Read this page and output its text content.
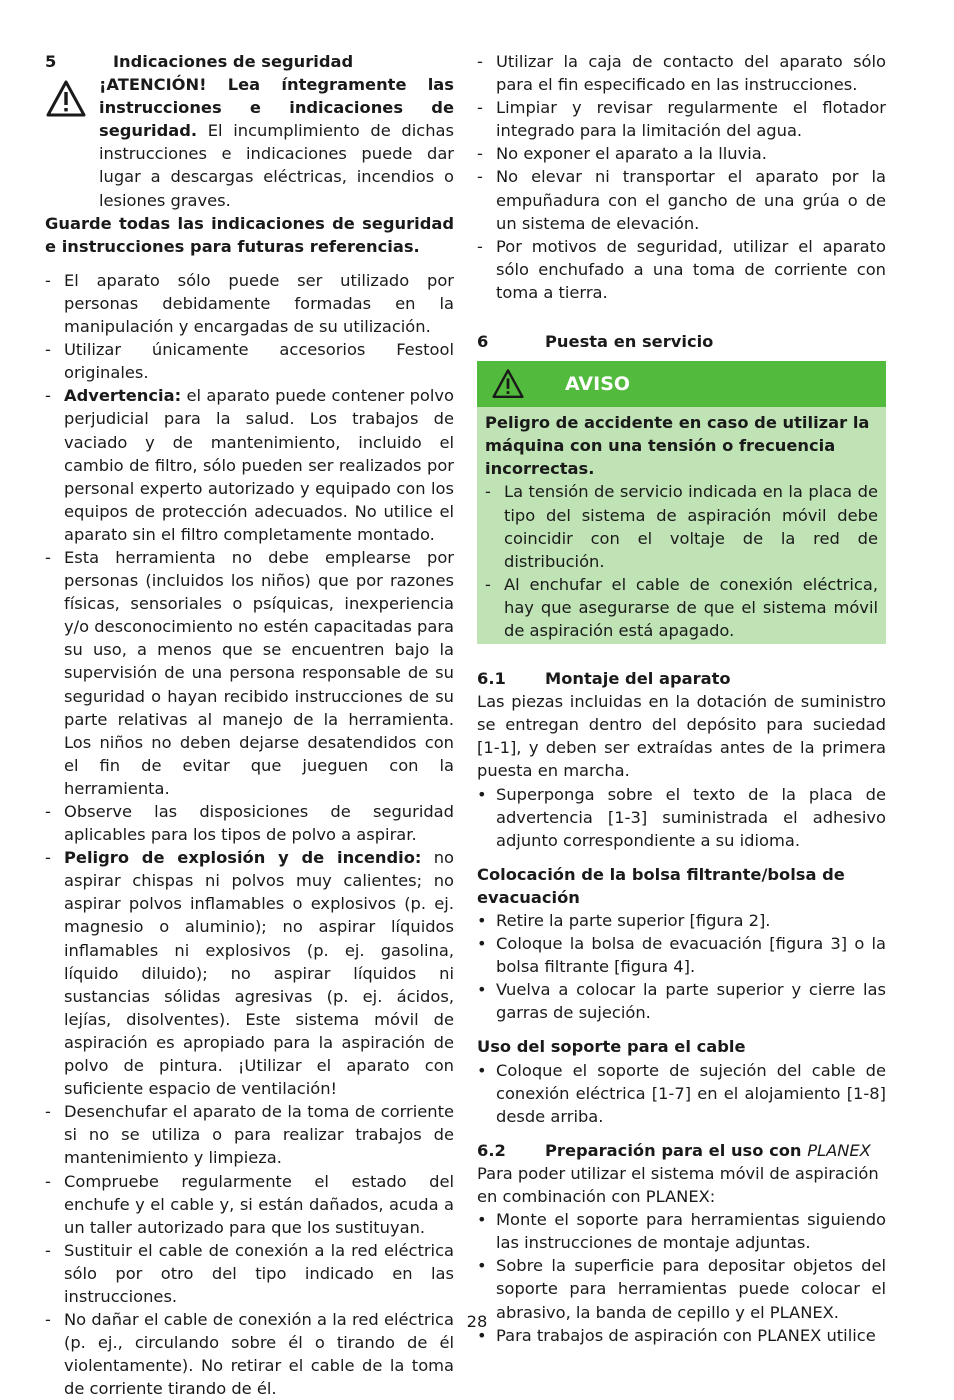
5	Indicaciones de seguridad

¡ATENCIÓN! Lea íntegramente las instrucciones e indicaciones de seguridad. El incumplimiento de dichas instrucciones e indicaciones puede dar lugar a descargas eléctricas, incendios o lesiones graves.

Guarde todas las indicaciones de seguridad e instrucciones para futuras referencias.

- El aparato sólo puede ser utilizado por personas debidamente formadas en la manipulación y encargadas de su utilización.
- Utilizar únicamente accesorios Festool originales.
- Advertencia: el aparato puede contener polvo perjudicial para la salud. Los trabajos de vaciado y de mantenimiento, incluido el cambio de filtro, sólo pueden ser realizados por personal experto autorizado y equipado con los equipos de protección adecuados. No utilice el aparato sin el filtro completamente montado.
- Esta herramienta no debe emplearse por personas (incluidos los niños) que por razones físicas, sensoriales o psíquicas, inexperiencia y/o desconocimiento no estén capacitadas para su uso, a menos que se encuentren bajo la supervisión de una persona responsable de su seguridad o hayan recibido instrucciones de su parte relativas al manejo de la herramienta. Los niños no deben dejarse desatendidos con el fin de evitar que jueguen con la herramienta.
- Observe las disposiciones de seguridad aplicables para los tipos de polvo a aspirar.
- Peligro de explosión y de incendio: no aspirar chispas ni polvos muy calientes; no aspirar polvos inflamables o explosivos (p. ej. magnesio o aluminio); no aspirar líquidos inflamables ni explosivos (p. ej. gasolina, líquido diluido); no aspirar líquidos ni sustancias sólidas agresivas (p. ej. ácidos, lejías, disolventes). Este sistema móvil de aspiración es apropiado para la aspiración de polvo de pintura. ¡Utilizar el aparato con suficiente espacio de ventilación!
- Desenchufar el aparato de la toma de corriente si no se utiliza o para realizar trabajos de mantenimiento y limpieza.
- Compruebe regularmente el estado del enchufe y el cable y, si están dañados, acuda a un taller autorizado para que los sustituyan.
- Sustituir el cable de conexión a la red eléctrica sólo por otro del tipo indicado en las instrucciones.
- No dañar el cable de conexión a la red eléctrica (p. ej., circulando sobre él o tirando de él violentamente). No retirar el cable de la toma de corriente tirando de él.
- Utilizar la caja de contacto del aparato sólo para el fin especificado en las instrucciones.
- Limpiar y revisar regularmente el flotador integrado para la limitación del agua.
- No exponer el aparato a la lluvia.
- No elevar ni transportar el aparato por la empuñadura con el gancho de una grúa o de un sistema de elevación.
- Por motivos de seguridad, utilizar el aparato sólo enchufado a una toma de corriente con toma a tierra.
6	Puesta en servicio
AVISO

Peligro de accidente en caso de utilizar la máquina con una tensión o frecuencia incorrectas.

- La tensión de servicio indicada en la placa de tipo del sistema de aspiración móvil debe coincidir con el voltaje de la red de distribución.
- Al enchufar el cable de conexión eléctrica, hay que asegurarse de que el sistema móvil de aspiración está apagado.
6.1	Montaje del aparato

Las piezas incluidas en la dotación de suministro se entregan dentro del depósito para suciedad [1-1], y deben ser extraídas antes de la primera puesta en marcha.

• Superponga sobre el texto de la placa de advertencia [1-3] suministrada el adhesivo adjunto correspondiente a su idioma.

Colocación de la bolsa filtrante/bolsa de evacuación

• Retire la parte superior [figura 2].
• Coloque la bolsa de evacuación [figura 3] o la bolsa filtrante [figura 4].
• Vuelva a colocar la parte superior y cierre las garras de sujeción.

Uso del soporte para el cable

• Coloque el soporte de sujeción del cable de conexión eléctrica [1-7] en el alojamiento [1-8] desde arriba.
6.2	Preparación para el uso con PLANEX

Para poder utilizar el sistema móvil de aspiración en combinación con PLANEX:

• Monte el soporte para herramientas siguiendo las instrucciones de montaje adjuntas.
• Sobre la superficie para depositar objetos del soporte para herramientas puede colocar el abrasivo, la banda de cepillo y el PLANEX.
• Para trabajos de aspiración con PLANEX utilice
28
